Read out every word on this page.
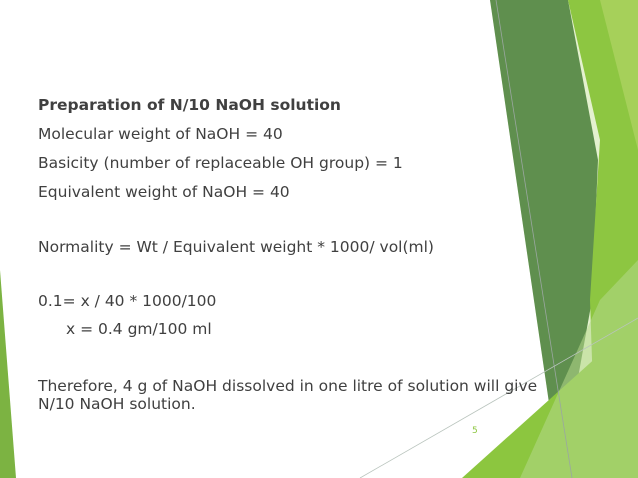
Preparation of N/10 NaOH solution

Molecular weight of NaOH = 40

Basicity (number of replaceable OH group) = 1

Equivalent weight of NaOH = 40

Normality = Wt / Equivalent weight * 1000/ vol(ml)

0.1= x / 40 * 1000/100

x = 0.4 gm/100 ml

Therefore, 4 g of NaOH dissolved in one litre of solution will give N/10 NaOH solution.

5
